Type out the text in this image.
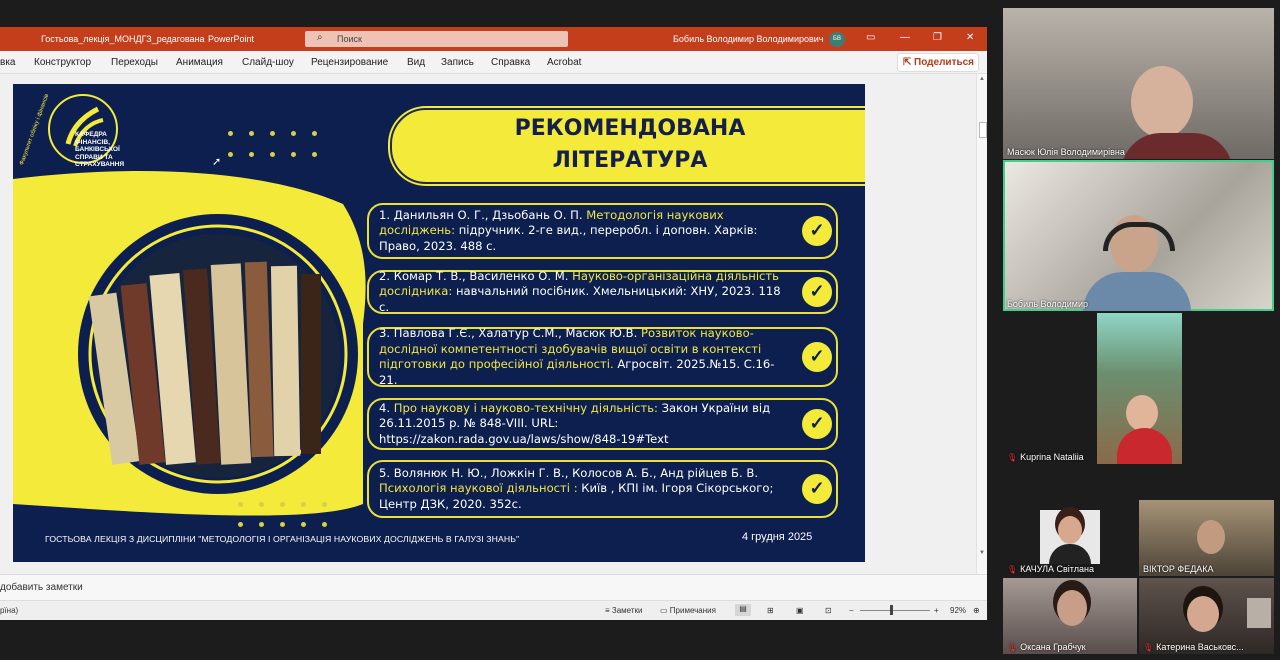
Гостьова_лекція_МОНДГЗ_редагована PowerPoint	⌕ Поиск	Бобиль Володимир Володимирович	БВ	▭ — ❐ ✕
вка Конструктор Переходы Анимация Слайд-шоу Рецензирование Вид Запись Справка Acrobat	⇱ Поделиться
▲
▼
добавить заметки
рїна)	≡ Заметки ▭ Примечания	▤	⊞	▣	⊡ −	+ 92% ⊕
КАФЕДРА
ФІНАНСІВ,
БАНКІВСЬКОЇ
СПРАВИ ТА
СТРАХУВАННЯ
Факультет обліку і фінансів	РЕКОМЕНДОВАНА
ЛІТЕРАТУРА

1. Данильян О. Г., Дзьобань О. П. Методологія наукових досліджень: підручник. 2-ге вид., переробл. і доповн. Харків: Право, 2023. 488 с.

✓

2. Комар Т. В., Василенко О. М. Науково-організаційна діяльність дослідника: навчальний посібник. Хмельницький: ХНУ, 2023. 118 с.

✓

3. Павлова Г.Є., Халатур С.М., Масюк Ю.В. Розвиток науково-дослідної компетентності здобувачів вищої освіти в контексті підготовки до професійної діяльності. Агросвіт. 2025.№15. С.16-21.

✓

4. Про наукову і науково-технічну діяльність: Закон України від 26.11.2015 р. № 848-VIII. URL: https://zakon.rada.gov.ua/laws/show/848-19#Text

✓

5. Волянюк Н. Ю., Ложкін Г. В., Колосов А. Б., Анд рійцев Б. В. Психологія наукової діяльності : Київ , КПІ ім. Ігоря Сікорського; Центр ДЗК, 2020. 352с.

✓
ГОСТЬОВА ЛЕКЦІЯ З ДИСЦИПЛІНИ "МЕТОДОЛОГІЯ І ОРГАНІЗАЦІЯ НАУКОВИХ ДОСЛІДЖЕНЬ В ГАЛУЗІ ЗНАНЬ"	4 грудня 2025
➚
Масюк Юлія Володимирівна
Бобиль Володимир
🎙 Kuprina Nataliia
🎙 КАЧУЛА Світлана	ВІКТОР ФЕДАКА
🎙 Оксана Грабчук	🎙 Катерина Васьковс...
